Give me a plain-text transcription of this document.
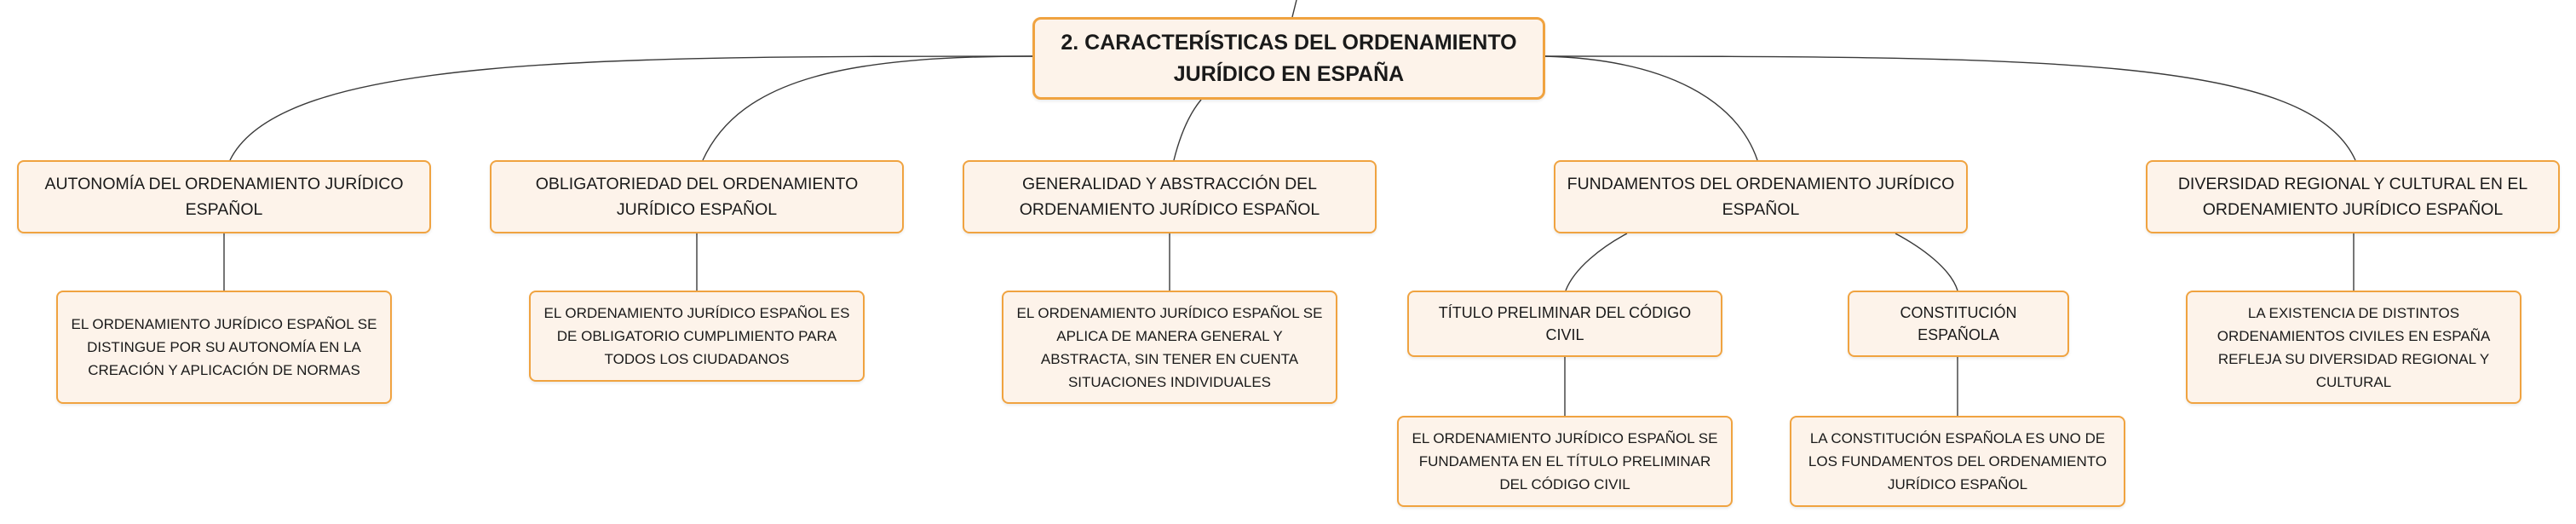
2. CARACTERÍSTICAS DEL ORDENAMIENTO JURÍDICO EN ESPAÑA
AUTONOMÍA DEL ORDENAMIENTO JURÍDICO ESPAÑOL
EL ORDENAMIENTO JURÍDICO ESPAÑOL SE DISTINGUE POR SU AUTONOMÍA EN LA CREACIÓN Y APLICACIÓN DE NORMAS
OBLIGATORIEDAD DEL ORDENAMIENTO JURÍDICO ESPAÑOL
EL ORDENAMIENTO JURÍDICO ESPAÑOL ES DE OBLIGATORIO CUMPLIMIENTO PARA TODOS LOS CIUDADANOS
GENERALIDAD Y ABSTRACCIÓN DEL ORDENAMIENTO JURÍDICO ESPAÑOL
EL ORDENAMIENTO JURÍDICO ESPAÑOL SE APLICA DE MANERA GENERAL Y ABSTRACTA, SIN TENER EN CUENTA SITUACIONES INDIVIDUALES
FUNDAMENTOS DEL ORDENAMIENTO JURÍDICO ESPAÑOL
TÍTULO PRELIMINAR DEL CÓDIGO CIVIL
EL ORDENAMIENTO JURÍDICO ESPAÑOL SE FUNDAMENTA EN EL TÍTULO PRELIMINAR DEL CÓDIGO CIVIL
CONSTITUCIÓN ESPAÑOLA
LA CONSTITUCIÓN ESPAÑOLA ES UNO DE LOS FUNDAMENTOS DEL ORDENAMIENTO JURÍDICO ESPAÑOL
DIVERSIDAD REGIONAL Y CULTURAL EN EL ORDENAMIENTO JURÍDICO ESPAÑOL
LA EXISTENCIA DE DISTINTOS ORDENAMIENTOS CIVILES EN ESPAÑA REFLEJA SU DIVERSIDAD REGIONAL Y CULTURAL
